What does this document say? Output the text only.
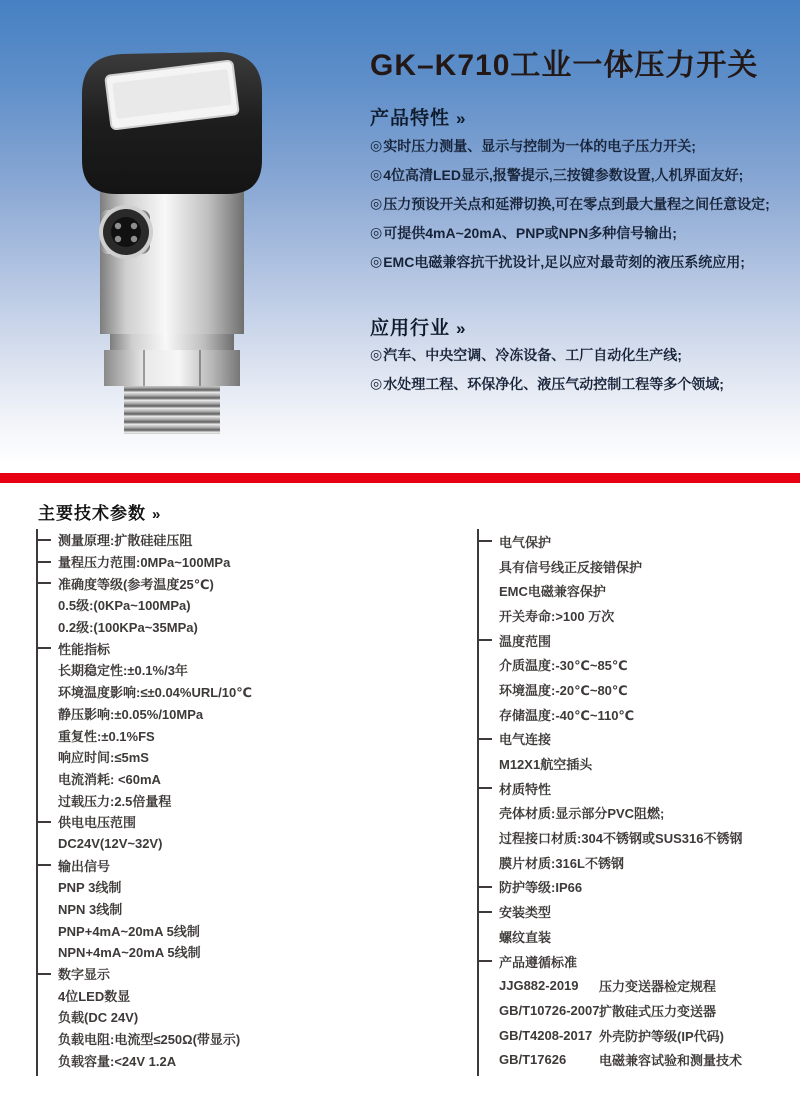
GK–K710工业一体压力开关
产品特性 »
◎ 实时压力测量、显示与控制为一体的电子压力开关;
◎ 4位高清LED显示,报警提示,三按键参数设置,人机界面友好;
◎ 压力预设开关点和延滞切换,可在零点到最大量程之间任意设定;
◎ 可提供4mA~20mA、PNP或NPN多种信号输出;
◎ EMC电磁兼容抗干扰设计,足以应对最苛刻的液压系统应用;
应用行业 »
◎ 汽车、中央空调、冷冻设备、工厂自动化生产线;
◎ 水处理工程、环保净化、液压气动控制工程等多个领域;
主要技术参数 »
测量原理:扩散硅硅压阻
量程压力范围:0MPa~100MPa
准确度等级(参考温度25℃)
0.5级:(0KPa~100MPa)
0.2级:(100KPa~35MPa)
性能指标
长期稳定性:±0.1%/3年
环境温度影响:≤±0.04%URL/10℃
静压影响:±0.05%/10MPa
重复性:±0.1%FS
响应时间:≤5mS
电流消耗: <60mA
过载压力:2.5倍量程
供电电压范围
DC24V(12V~32V)
输出信号
PNP 3线制
NPN 3线制
PNP+4mA~20mA 5线制
NPN+4mA~20mA 5线制
数字显示
4位LED数显
负载(DC 24V)
负载电阻:电流型≤250Ω(带显示)
负载容量:<24V 1.2A
电气保护
具有信号线正反接错保护
EMC电磁兼容保护
开关寿命:>100 万次
温度范围
介质温度:-30℃~85℃
环境温度:-20℃~80℃
存储温度:-40℃~110℃
电气连接
M12X1航空插头
材质特性
壳体材质:显示部分PVC阻燃;
过程接口材质:304不锈钢或SUS316不锈钢
膜片材质:316L不锈钢
防护等级:IP66
安装类型
螺纹直装
产品遵循标准
JJG882-2019	压力变送器检定规程
GB/T10726-2007 扩散硅式压力变送器
GB/T4208-2017 外壳防护等级(IP代码)
GB/T17626	电磁兼容试验和测量技术
